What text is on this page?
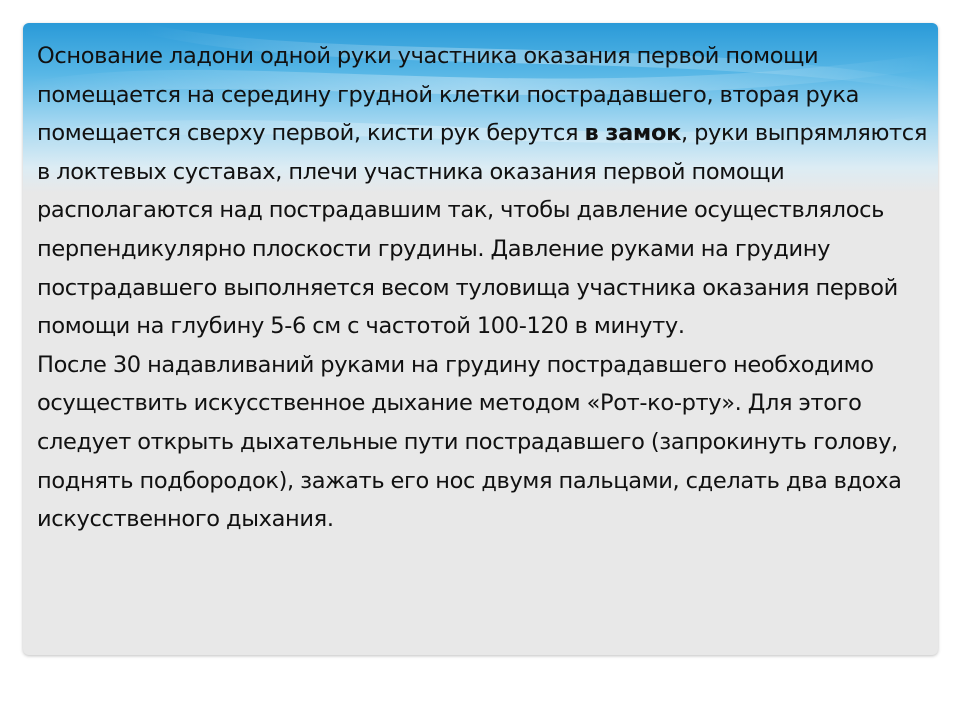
Основание ладони одной руки участника оказания первой помощи помещается на середину грудной клетки пострадавшего, вторая рука помещается сверху первой, кисти рук берутся в замок, руки выпрямляются в локтевых суставах, плечи участника оказания первой помощи располагаются над пострадавшим так, чтобы давление осуществлялось перпендикулярно плоскости грудины. Давление руками на грудину пострадавшего выполняется весом туловища участника оказания первой помощи на глубину 5-6 см с частотой 100-120 в минуту.

После 30 надавливаний руками на грудину пострадавшего необходимо осуществить искусственное дыхание методом «Рот-ко-рту». Для этого следует открыть дыхательные пути пострадавшего (запрокинуть голову, поднять подбородок), зажать его нос двумя пальцами, сделать два вдоха искусственного дыхания.
